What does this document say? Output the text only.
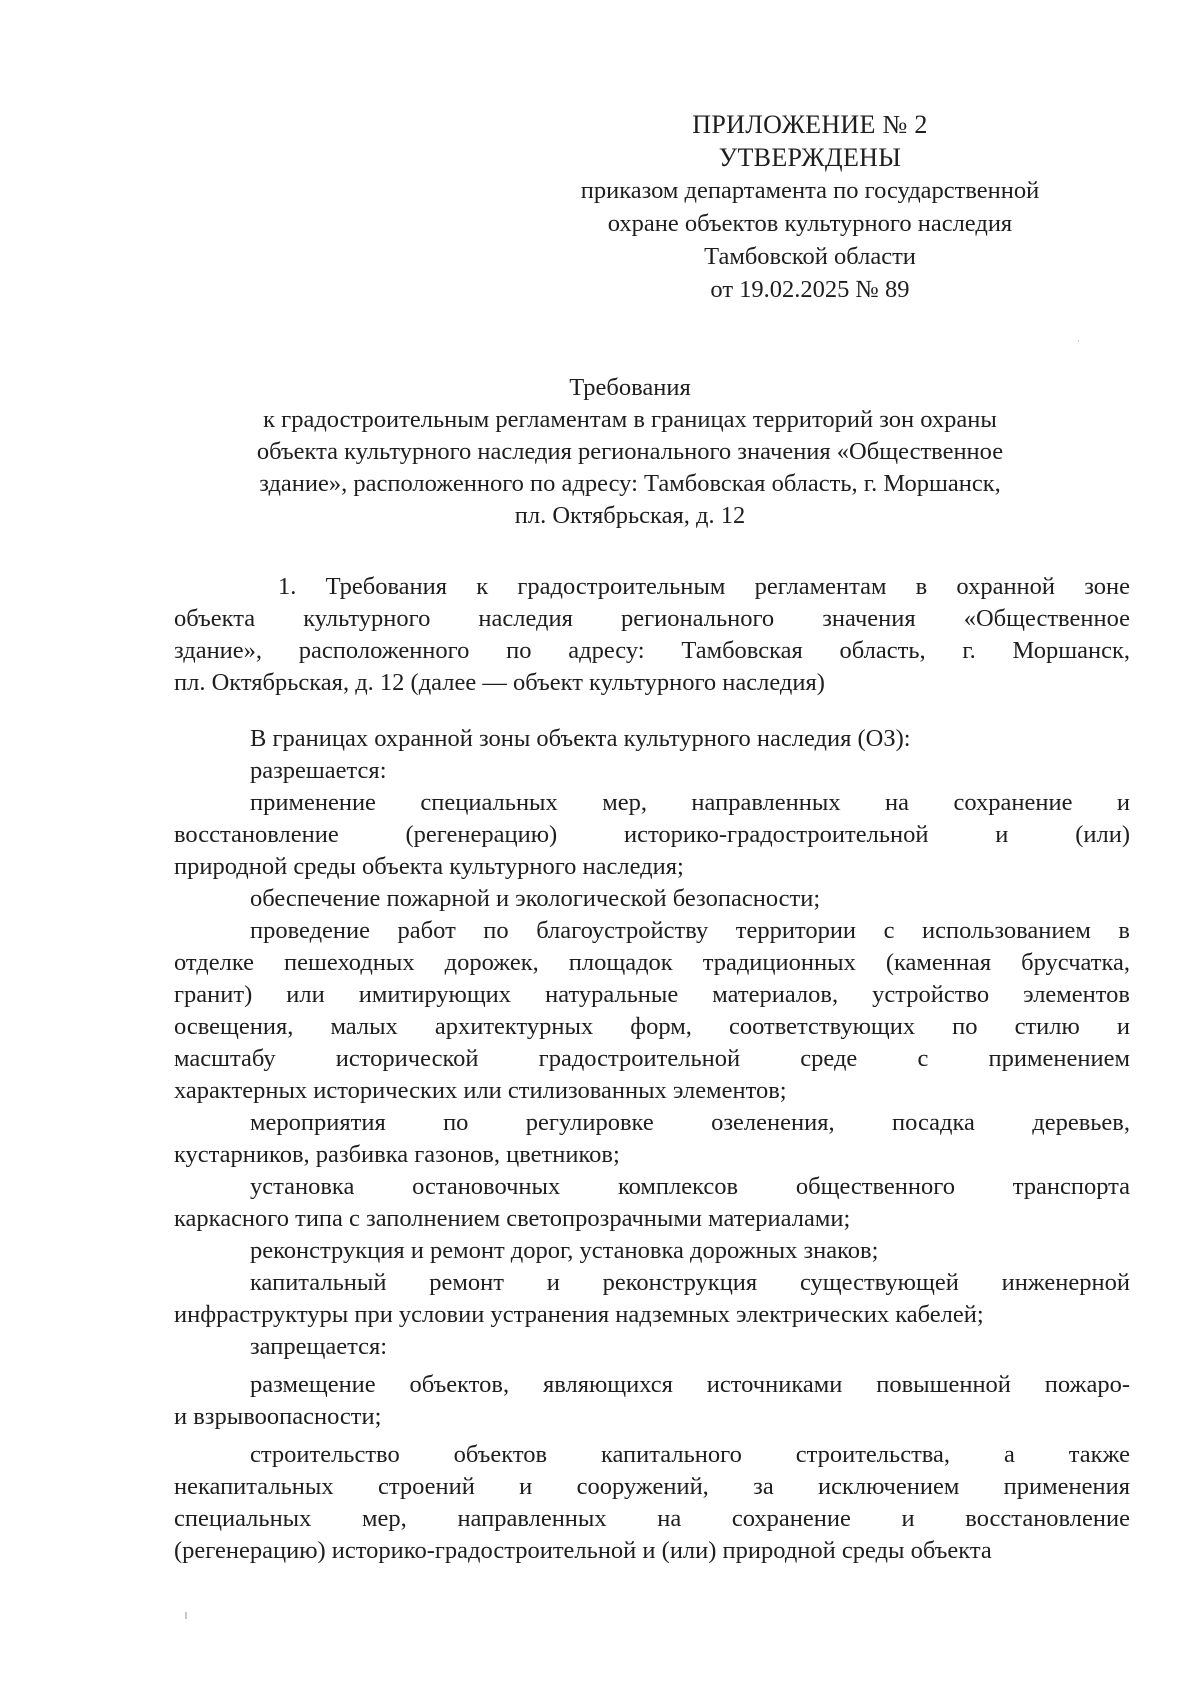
ПРИЛОЖЕНИЕ № 2
УТВЕРЖДЕНЫ
приказом департамента по государственной
охране объектов культурного наследия
Тамбовской области
от 19.02.2025 № 89
Требования
к градостроительным регламентам в границах территорий зон охраны
объекта культурного наследия регионального значения «Общественное
здание», расположенного по адресу: Тамбовская область, г. Моршанск,
пл. Октябрьская, д. 12
1. Требования к градостроительным регламентам в охранной зоне
объекта культурного наследия регионального значения «Общественное
здание», расположенного по адресу: Тамбовская область, г. Моршанск,
пл. Октябрьская, д. 12 (далее — объект культурного наследия)
В границах охранной зоны объекта культурного наследия (ОЗ):
разрешается:
применение специальных мер, направленных на сохранение и
восстановление (регенерацию) историко-градостроительной и (или)
природной среды объекта культурного наследия;
обеспечение пожарной и экологической безопасности;
проведение работ по благоустройству территории с использованием в
отделке пешеходных дорожек, площадок традиционных (каменная брусчатка,
гранит) или имитирующих натуральные материалов, устройство элементов
освещения, малых архитектурных форм, соответствующих по стилю и
масштабу исторической градостроительной среде с применением
характерных исторических или стилизованных элементов;
мероприятия по регулировке озеленения, посадка деревьев,
кустарников, разбивка газонов, цветников;
установка остановочных комплексов общественного транспорта
каркасного типа с заполнением светопрозрачными материалами;
реконструкция и ремонт дорог, установка дорожных знаков;
капитальный ремонт и реконструкция существующей инженерной
инфраструктуры при условии устранения надземных электрических кабелей;
запрещается:
размещение объектов, являющихся источниками повышенной пожаро-
и взрывоопасности;
строительство объектов капитального строительства, а также
некапитальных строений и сооружений, за исключением применения
специальных мер, направленных на сохранение и восстановление
(регенерацию) историко-градостроительной и (или) природной среды объекта
